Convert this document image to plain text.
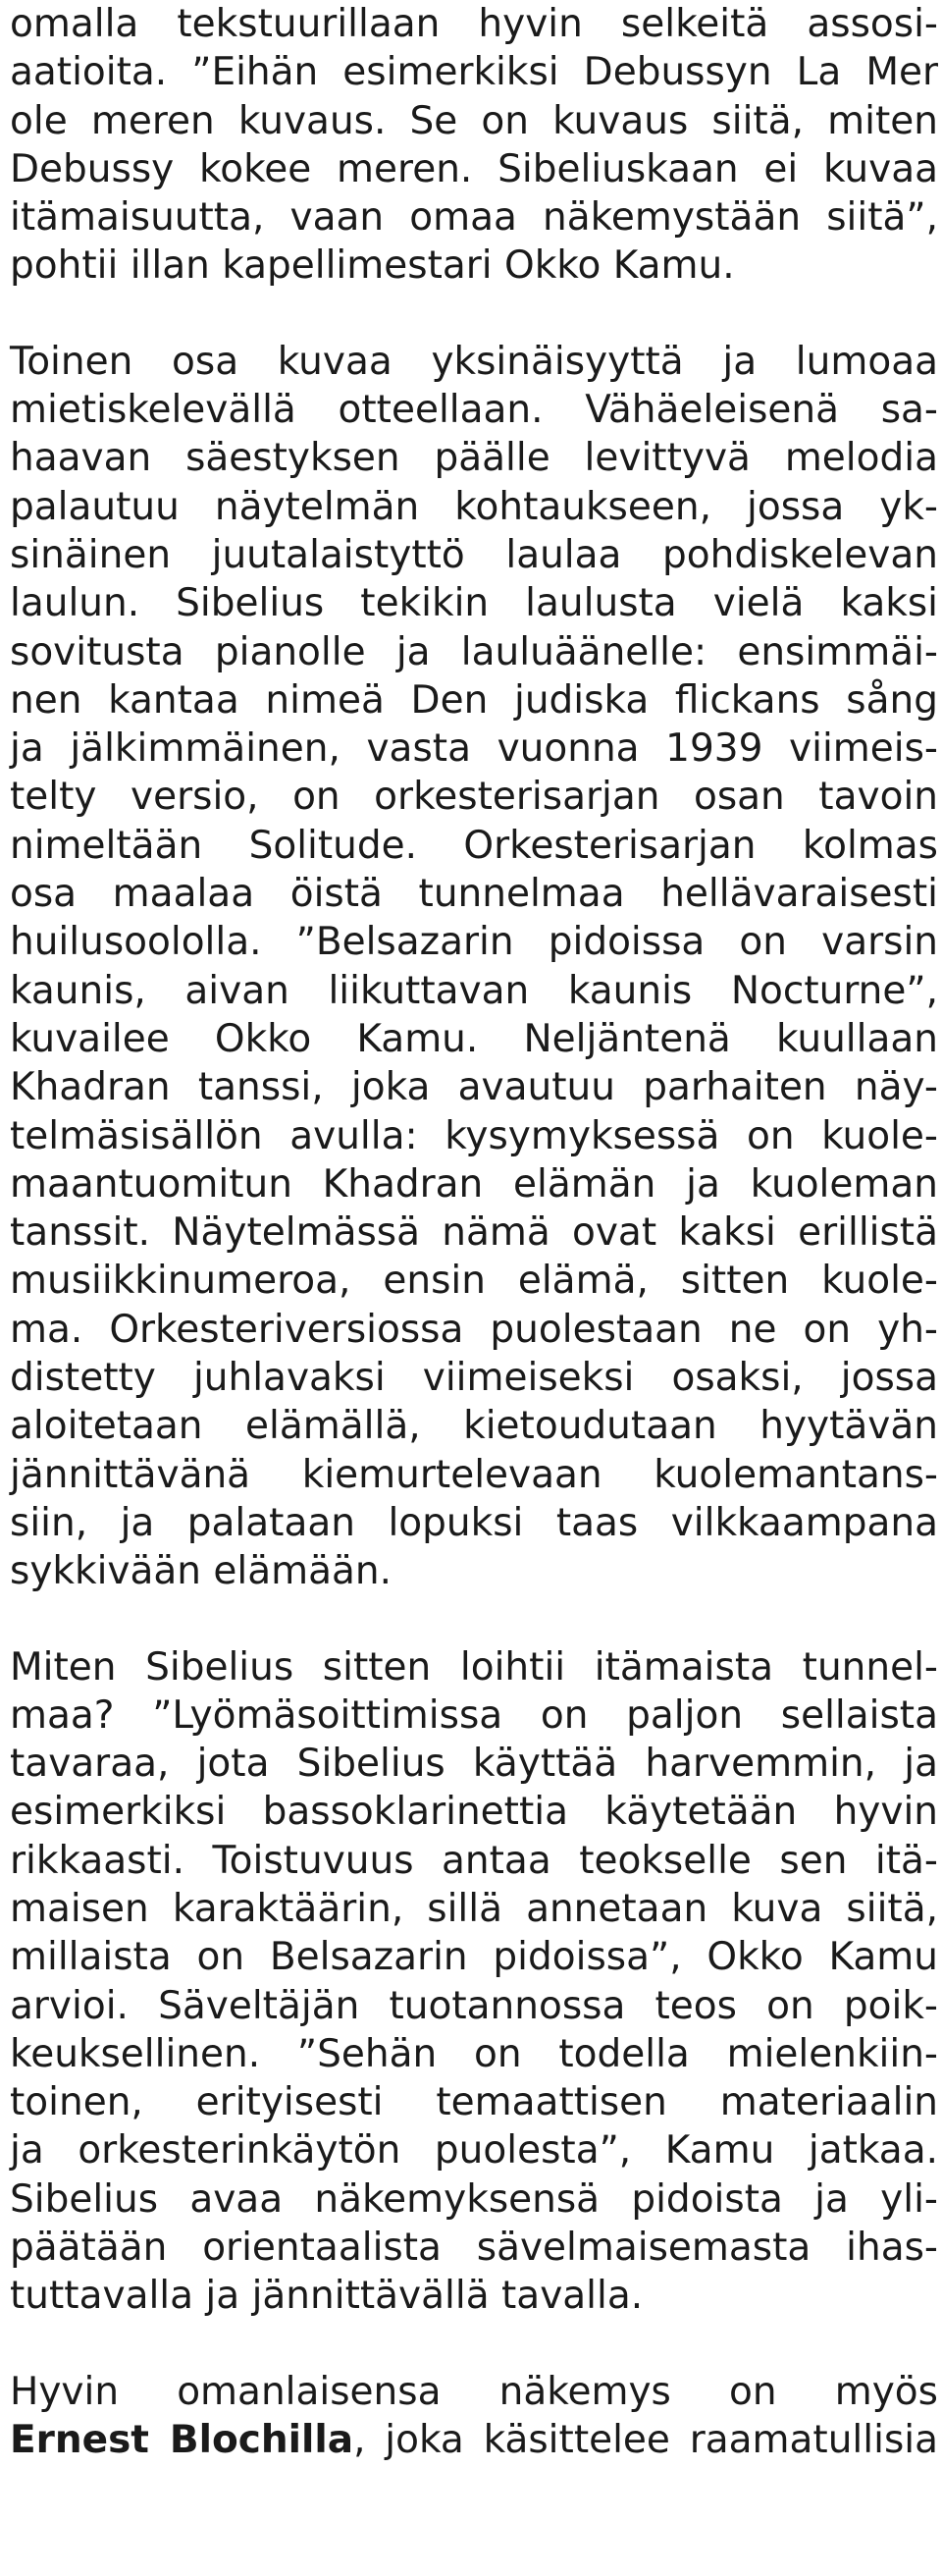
omalla tekstuurillaan hyvin selkeitä assosi-
aatioita. ”Eihän esimerkiksi Debussyn La Mer
ole meren kuvaus. Se on kuvaus siitä, miten
Debussy kokee meren. Sibeliuskaan ei kuvaa
itämaisuutta, vaan omaa näkemystään siitä”,
pohtii illan kapellimestari Okko Kamu.
Toinen osa kuvaa yksinäisyyttä ja lumoaa
mietiskelevällä otteellaan. Vähäeleisenä sa-
haavan säestyksen päälle levittyvä melodia
palautuu näytelmän kohtaukseen, jossa yk-
sinäinen juutalaistyttö laulaa pohdiskelevan
laulun. Sibelius tekikin laulusta vielä kaksi
sovitusta pianolle ja lauluäänelle: ensimmäi-
nen kantaa nimeä Den judiska flickans sång
ja jälkimmäinen, vasta vuonna 1939 viimeis-
telty versio, on orkesterisarjan osan tavoin
nimeltään Solitude. Orkesterisarjan kolmas
osa maalaa öistä tunnelmaa hellävaraisesti
huilusoololla. ”Belsazarin pidoissa on varsin
kaunis, aivan liikuttavan kaunis Nocturne”,
kuvailee Okko Kamu. Neljäntenä kuullaan
Khadran tanssi, joka avautuu parhaiten näy-
telmäsisällön avulla: kysymyksessä on kuole-
maantuomitun Khadran elämän ja kuoleman
tanssit. Näytelmässä nämä ovat kaksi erillistä
musiikkinumeroa, ensin elämä, sitten kuole-
ma. Orkesteriversiossa puolestaan ne on yh-
distetty juhlavaksi viimeiseksi osaksi, jossa
aloitetaan elämällä, kietoudutaan hyytävän
jännittävänä kiemurtelevaan kuolemantans-
siin, ja palataan lopuksi taas vilkkaampana
sykkivään elämään.
Miten Sibelius sitten loihtii itämaista tunnel-
maa? ”Lyömäsoittimissa on paljon sellaista
tavaraa, jota Sibelius käyttää harvemmin, ja
esimerkiksi bassoklarinettia käytetään hyvin
rikkaasti. Toistuvuus antaa teokselle sen itä-
maisen karaktäärin, sillä annetaan kuva siitä,
millaista on Belsazarin pidoissa”, Okko Kamu
arvioi. Säveltäjän tuotannossa teos on poik-
keuksellinen. ”Sehän on todella mielenkiin-
toinen, erityisesti temaattisen materiaalin
ja orkesterinkäytön puolesta”, Kamu jatkaa.
Sibelius avaa näkemyksensä pidoista ja yli-
päätään orientaalista sävelmaisemasta ihas-
tuttavalla ja jännittävällä tavalla.
Hyvin omanlaisensa näkemys on myös
Ernest Blochilla, joka käsittelee raamatullisia
